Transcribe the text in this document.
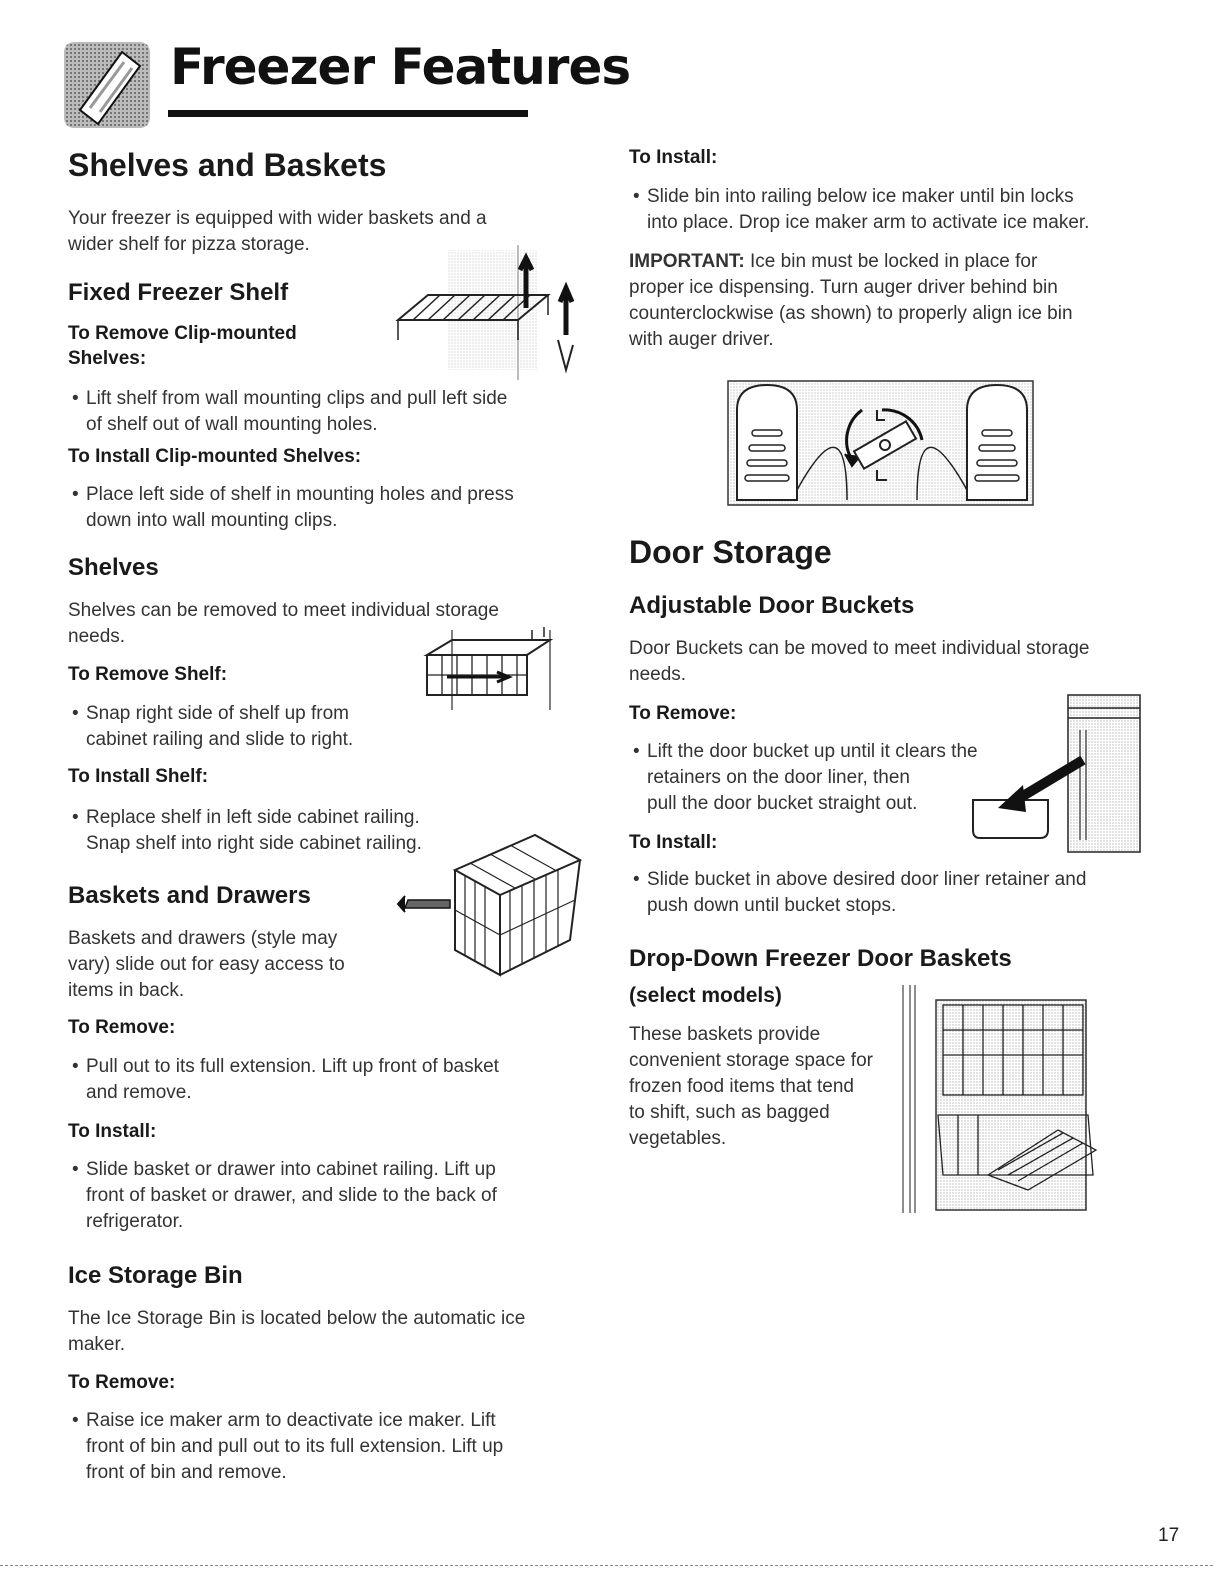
Freezer Features
Shelves and Baskets

Your freezer is equipped with wider baskets and a

wider shelf for pizza storage.

Fixed Freezer Shelf
To Remove Clip-mounted
Shelves:
• Lift shelf from wall mounting clips and pull left side
of shelf out of wall mounting holes.
To Install Clip-mounted Shelves:
• Place left side of shelf in mounting holes and press
down into wall mounting clips.
Shelves

Shelves can be removed to meet individual storage

needs.

To Remove Shelf:
• Snap right side of shelf up from
cabinet railing and slide to right.
To Install Shelf:
• Replace shelf in left side cabinet railing.
Snap shelf into right side cabinet railing.
Baskets and Drawers

Baskets and drawers (style may

vary) slide out for easy access to

items in back.

To Remove:
• Pull out to its full extension. Lift up front of basket
and remove.
To Install:
• Slide basket or drawer into cabinet railing. Lift up
front of basket or drawer, and slide to the back of
refrigerator.
Ice Storage Bin

The Ice Storage Bin is located below the automatic ice

maker.

To Remove:
• Raise ice maker arm to deactivate ice maker. Lift
front of bin and pull out to its full extension. Lift up
front of bin and remove.
To Install:
• Slide bin into railing below ice maker until bin locks
into place. Drop ice maker arm to activate ice maker.
IMPORTANT: Ice bin must be locked in place for

proper ice dispensing. Turn auger driver behind bin

counterclockwise (as shown) to properly align ice bin

with auger driver.

Door Storage
Adjustable Door Buckets

Door Buckets can be moved to meet individual storage

needs.

To Remove:
• Lift the door bucket up until it clears the
retainers on the door liner, then
pull the door bucket straight out.
To Install:
• Slide bucket in above desired door liner retainer and
push down until bucket stops.
Drop-Down Freezer Door Baskets
(select models)

These baskets provide

convenient storage space for

frozen food items that tend

to shift, such as bagged

vegetables.

17
